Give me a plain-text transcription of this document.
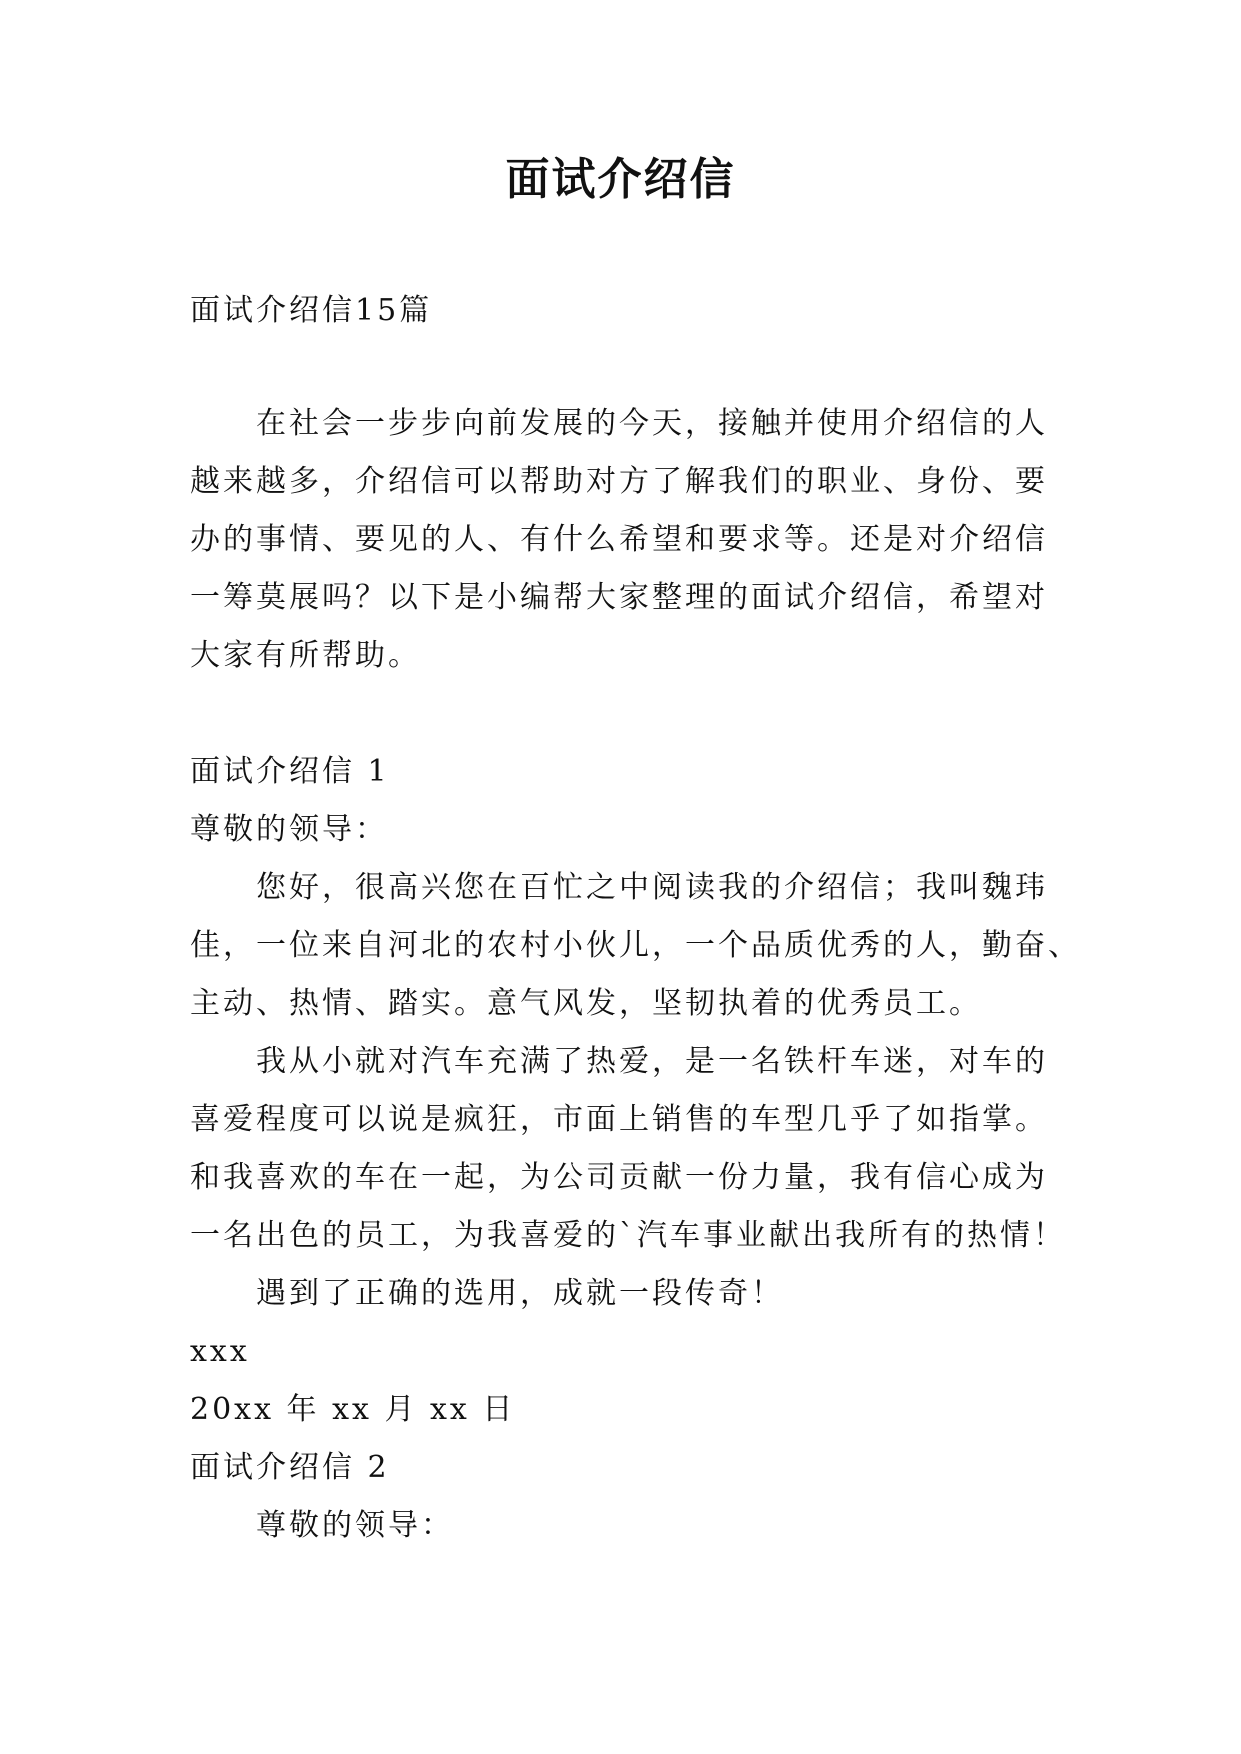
面试介绍信
面试介绍信15篇
在社会一步步向前发展的今天，接触并使用介绍信的人
越来越多，介绍信可以帮助对方了解我们的职业、身份、要
办的事情、要见的人、有什么希望和要求等。还是对介绍信
一筹莫展吗？以下是小编帮大家整理的面试介绍信，希望对
大家有所帮助。
面试介绍信 1
尊敬的领导：
您好，很高兴您在百忙之中阅读我的介绍信；我叫魏玮
佳，一位来自河北的农村小伙儿，一个品质优秀的人，勤奋、
主动、热情、踏实。意气风发，坚韧执着的优秀员工。
我从小就对汽车充满了热爱，是一名铁杆车迷，对车的
喜爱程度可以说是疯狂，市面上销售的车型几乎了如指掌。
和我喜欢的车在一起，为公司贡献一份力量，我有信心成为
一名出色的员工，为我喜爱的`汽车事业献出我所有的热情！
遇到了正确的选用，成就一段传奇！
xxx
20xx 年 xx 月 xx 日
面试介绍信 2
尊敬的领导：
